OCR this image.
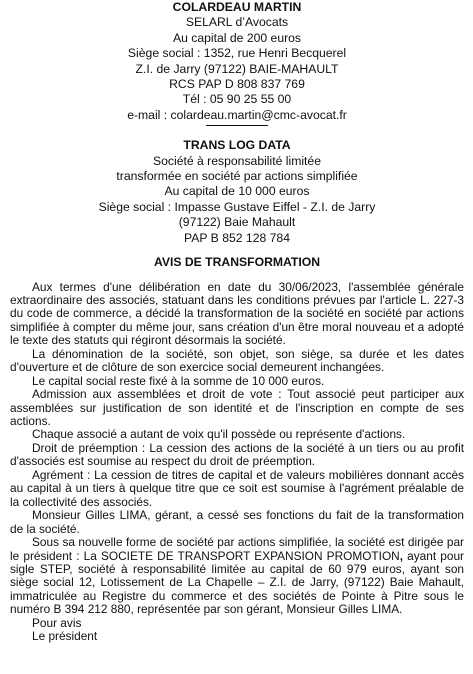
COLARDEAU MARTIN
SELARL d’Avocats
Au capital de 200 euros
Siège social : 1352, rue Henri Becquerel
Z.I. de Jarry (97122) BAIE-MAHAULT
RCS PAP D 808 837 769
Tél : 05 90 25 55 00
e-mail : colardeau.martin@cmc-avocat.fr
TRANS LOG DATA
Société à responsabilité limitée
transformée en société par actions simplifiée
Au capital de 10 000 euros
Siège social : Impasse Gustave Eiffel - Z.I. de Jarry
(97122) Baie Mahault
PAP B 852 128 784
AVIS DE TRANSFORMATION

Aux termes d'une délibération en date du 30/06/2023, l'assemblée générale extraordinaire des associés, statuant dans les conditions prévues par l'article L. 227-3 du code de commerce, a décidé la transformation de la société en société par actions simplifiée à compter du même jour, sans création d'un être moral nouveau et a adopté le texte des statuts qui régiront désormais la société.

La dénomination de la société, son objet, son siège, sa durée et les dates d'ouverture et de clôture de son exercice social demeurent inchangées.

Le capital social reste fixé à la somme de 10 000 euros.

Admission aux assemblées et droit de vote : Tout associé peut participer aux assemblées sur justification de son identité et de l'inscription en compte de ses actions.

Chaque associé a autant de voix qu'il possède ou représente d'actions.

Droit de préemption : La cession des actions de la société à un tiers ou au profit d'associés est soumise au respect du droit de préemption.

Agrément : La cession de titres de capital et de valeurs mobilières donnant accès au capital à un tiers à quelque titre que ce soit est soumise à l'agrément préalable de la collectivité des associés.

Monsieur Gilles LIMA, gérant, a cessé ses fonctions du fait de la transformation de la société.

Sous sa nouvelle forme de société par actions simplifiée, la société est dirigée par le président : La SOCIETE DE TRANSPORT EXPANSION PROMOTION, ayant pour sigle STEP, société à responsabilité limitée au capital de 60 979 euros, ayant son siège social 12, Lotissement de La Chapelle – Z.I. de Jarry, (97122) Baie Mahault, immatriculée au Registre du commerce et des sociétés de Pointe à Pitre sous le numéro B 394 212 880, représentée par son gérant, Monsieur Gilles LIMA.

Pour avis

Le président
